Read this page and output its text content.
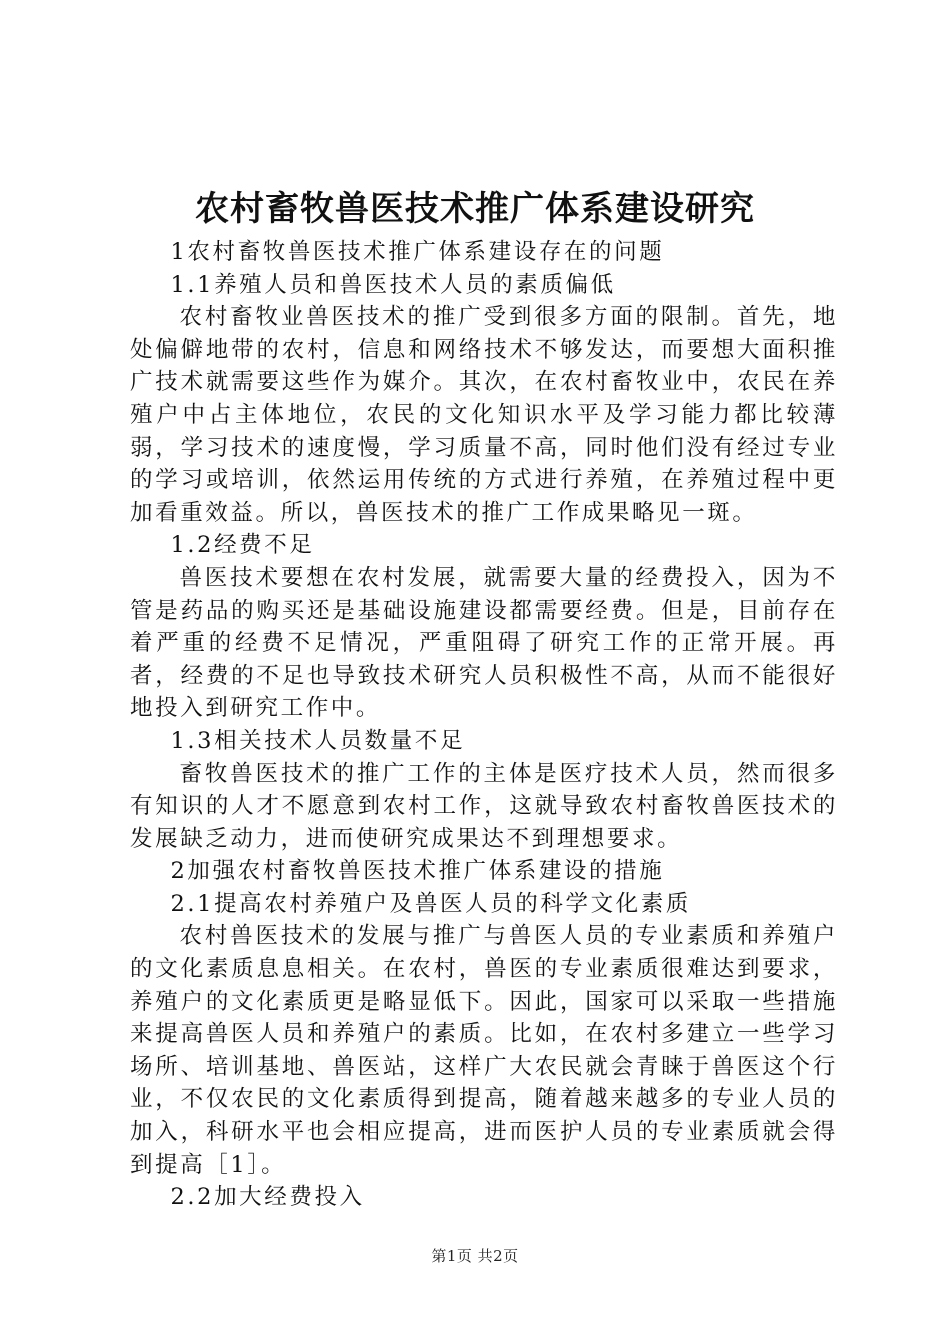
农村畜牧兽医技术推广体系建设研究

1农村畜牧兽医技术推广体系建设存在的问题

1.1养殖人员和兽医技术人员的素质偏低

农村畜牧业兽医技术的推广受到很多方面的限制。首先，地处偏僻地带的农村，信息和网络技术不够发达，而要想大面积推广技术就需要这些作为媒介。其次，在农村畜牧业中，农民在养殖户中占主体地位，农民的文化知识水平及学习能力都比较薄弱，学习技术的速度慢，学习质量不高，同时他们没有经过专业的学习或培训，依然运用传统的方式进行养殖，在养殖过程中更加看重效益。所以，兽医技术的推广工作成果略见一斑。

1.2经费不足

兽医技术要想在农村发展，就需要大量的经费投入，因为不管是药品的购买还是基础设施建设都需要经费。但是，目前存在着严重的经费不足情况，严重阻碍了研究工作的正常开展。再者，经费的不足也导致技术研究人员积极性不高，从而不能很好地投入到研究工作中。

1.3相关技术人员数量不足

畜牧兽医技术的推广工作的主体是医疗技术人员，然而很多有知识的人才不愿意到农村工作，这就导致农村畜牧兽医技术的发展缺乏动力，进而使研究成果达不到理想要求。

2加强农村畜牧兽医技术推广体系建设的措施

2.1提高农村养殖户及兽医人员的科学文化素质

农村兽医技术的发展与推广与兽医人员的专业素质和养殖户的文化素质息息相关。在农村，兽医的专业素质很难达到要求，养殖户的文化素质更是略显低下。因此，国家可以采取一些措施来提高兽医人员和养殖户的素质。比如，在农村多建立一些学习场所、培训基地、兽医站，这样广大农民就会青睐于兽医这个行业，不仅农民的文化素质得到提高，随着越来越多的专业人员的加入，科研水平也会相应提高，进而医护人员的专业素质就会得到提高［1］。

2.2加大经费投入

第1页 共2页
